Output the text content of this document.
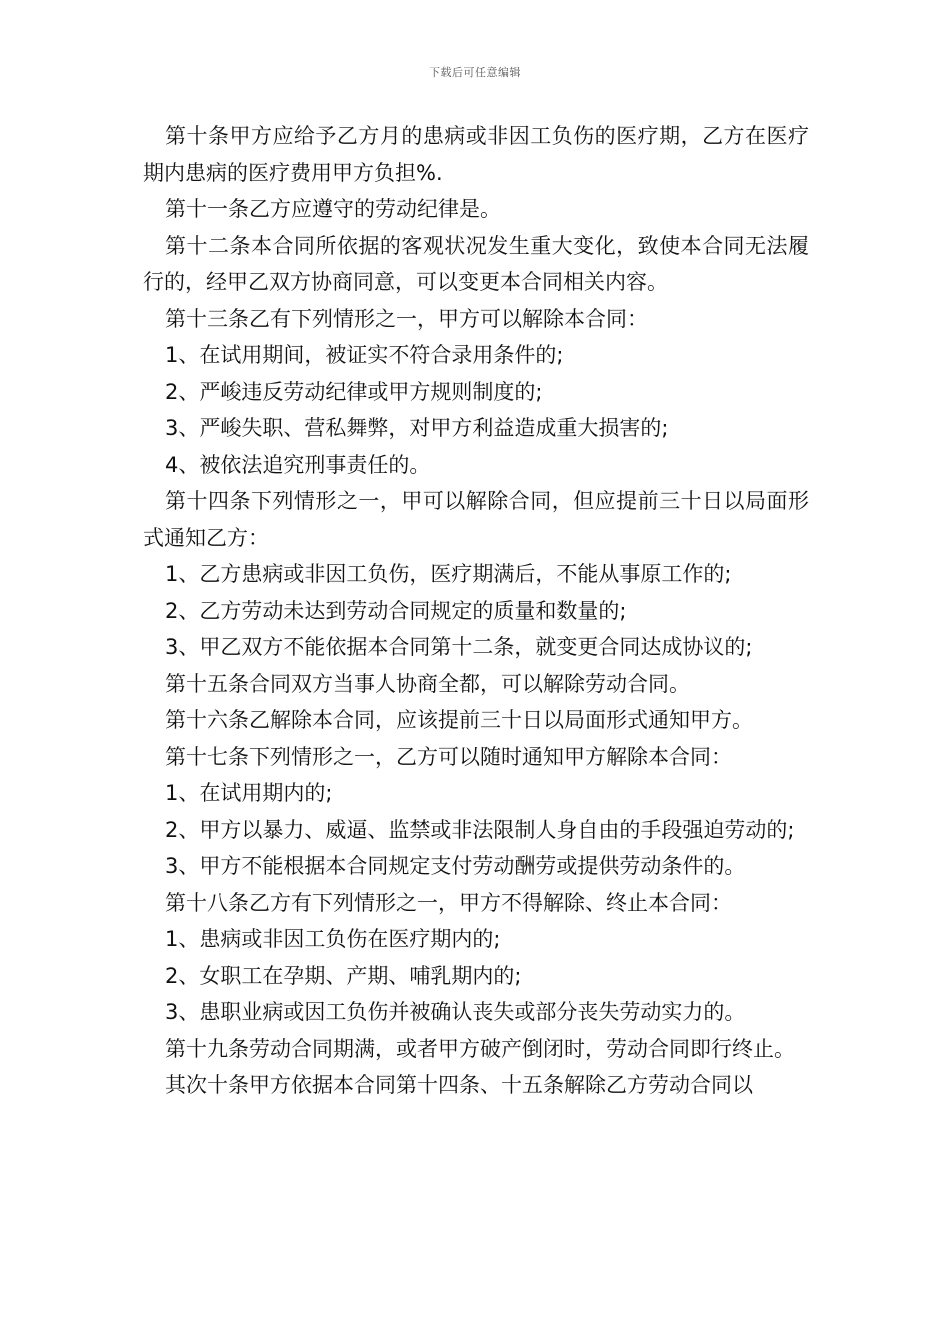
下载后可任意编辑

第十条甲方应给予乙方月的患病或非因工负伤的医疗期，乙方在医疗期内患病的医疗费用甲方负担%.

第十一条乙方应遵守的劳动纪律是。

第十二条本合同所依据的客观状况发生重大变化，致使本合同无法履行的，经甲乙双方协商同意，可以变更本合同相关内容。

第十三条乙有下列情形之一，甲方可以解除本合同：

1、在试用期间，被证实不符合录用条件的;

2、严峻违反劳动纪律或甲方规则制度的;

3、严峻失职、营私舞弊，对甲方利益造成重大损害的;

4、被依法追究刑事责任的。

第十四条下列情形之一，甲可以解除合同，但应提前三十日以局面形式通知乙方：

1、乙方患病或非因工负伤，医疗期满后，不能从事原工作的;

2、乙方劳动未达到劳动合同规定的质量和数量的;

3、甲乙双方不能依据本合同第十二条，就变更合同达成协议的;

第十五条合同双方当事人协商全都，可以解除劳动合同。

第十六条乙解除本合同，应该提前三十日以局面形式通知甲方。

第十七条下列情形之一，乙方可以随时通知甲方解除本合同：

1、在试用期内的;

2、甲方以暴力、威逼、监禁或非法限制人身自由的手段强迫劳动的;

3、甲方不能根据本合同规定支付劳动酬劳或提供劳动条件的。

第十八条乙方有下列情形之一，甲方不得解除、终止本合同：

1、患病或非因工负伤在医疗期内的;

2、女职工在孕期、产期、哺乳期内的;

3、患职业病或因工负伤并被确认丧失或部分丧失劳动实力的。

第十九条劳动合同期满，或者甲方破产倒闭时，劳动合同即行终止。

其次十条甲方依据本合同第十四条、十五条解除乙方劳动合同以
